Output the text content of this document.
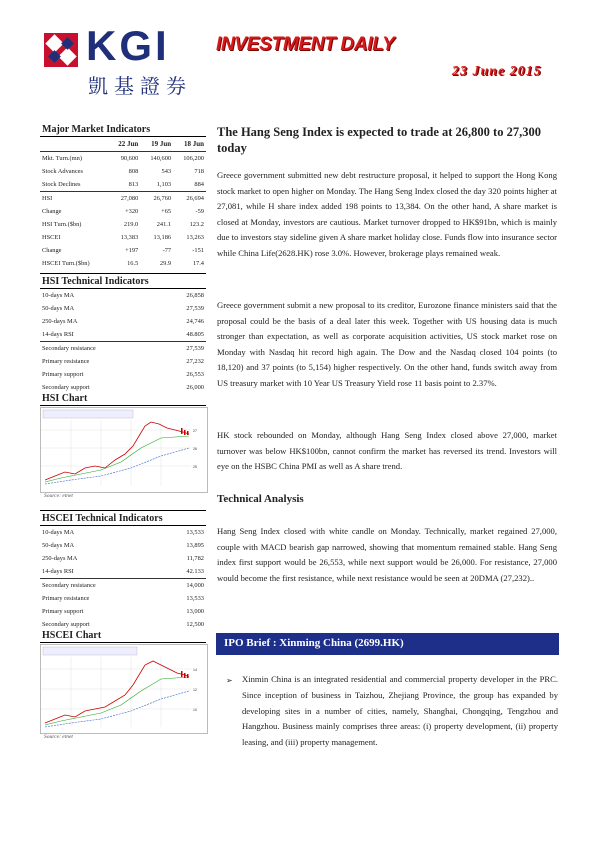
KGI
凱基證券
INVESTMENT DAILY
23 June 2015
Major Market Indicators
	22 Jun	19 Jun	18 Jun
Mkt. Turn.(mn)	90,600	140,600	106,200
Stock Advances	808	543	718
Stock Declines	813	1,103	884
HSI	27,080	26,760	26,694
Change	+320	+65	-59
HSI Turn.($bn)	219.0	241.1	123.2
HSCEI	13,383	13,186	13,263
Change	+197	-77	-151
HSCEI Turn.($bn)	16.5	29.9	17.4
HSI Technical Indicators
10-days MA	26,858
50-days MA	27,539
250-days MA	24,746
14-days RSI	48.805
Secondary resistance	27,539
Primary resistance	27,232
Primary support	26,553
Secondary support	26,000
HSI Chart
27
26
25
Source: etnet
HSCEI Technical Indicators
10-days MA	13,533
50-days MA	13,895
250-days MA	11,782
14-days RSI	42.133
Secondary resistance	14,000
Primary resistance	13,533
Primary support	13,000
Secondary support	12,500
HSCEI Chart
14
12
10
Source: etnet
The Hang Seng Index is expected to trade at 26,800 to 27,300 today
Greece government submitted new debt restructure proposal, it helped to support the Hong Kong stock market to open higher on Monday. The Hang Seng Index closed the day 320 points higher at 27,081, while H share index added 198 points to 13,384. On the other hand, A share market is closed at Monday, investors are cautious. Market turnover dropped to HK$91bn, which is mainly due to investors stay sideline given A share market holiday close. Funds flow into insurance sector while China Life(2628.HK) rose 3.0%. However, brokerage plays remained weak.
Greece government submit a new proposal to its creditor, Eurozone finance ministers said that the proposal could be the basis of a deal later this week. Together with US housing data is much stronger than expectation, as well as corporate acquisition activities, US stock market rose on Monday with Nasdaq hit record high again. The Dow and the Nasdaq closed 104 points (to 18,120) and 37 points (to 5,154) higher respectively. On the other hand, funds switch away from US treasury market with 10 Year US Treasury Yield rose 11 basis point to 2.37%.
HK stock rebounded on Monday, although Hang Seng Index closed above 27,000, market turnover was below HK$100bn, cannot confirm the market has reversed its trend. Investors will eye on the HSBC China PMI as well as A share trend.
Technical Analysis
Hang Seng Index closed with white candle on Monday. Technically, market regained 27,000, couple with MACD bearish gap narrowed, showing that momentum remained stable. Hang Seng index first support would be 26,553, while next support would be 26,000. For resistance, 27,000 would become the first resistance, while next resistance would be seen at 20DMA (27,232)..
IPO Brief : Xinming China (2699.HK)
➢ Xinmin China is an integrated residential and commercial property developer in the PRC. Since inception of business in Taizhou, Zhejiang Province, the group has expanded by developing sites in a number of cities, namely, Shanghai, Chongqing, Tengzhou and Hangzhou. Business mainly comprises three areas: (i) property development, (ii) property leasing, and (iii) property management.
